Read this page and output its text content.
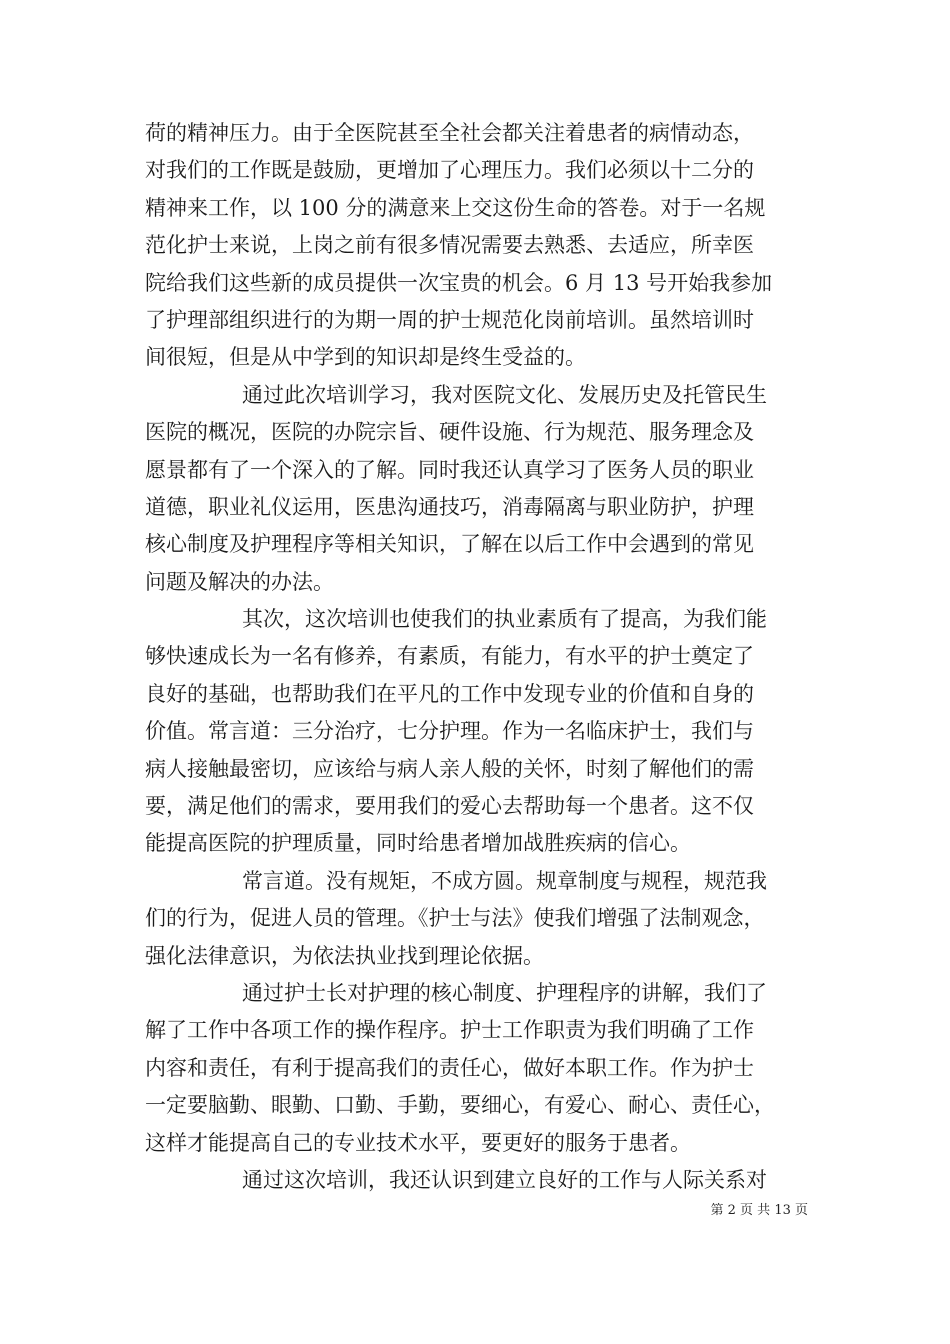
荷的精神压力。由于全医院甚至全社会都关注着患者的病情动态，
对我们的工作既是鼓励，更增加了心理压力。我们必须以十二分的
精神来工作，以 100 分的满意来上交这份生命的答卷。对于一名规
范化护士来说，上岗之前有很多情况需要去熟悉、去适应，所幸医
院给我们这些新的成员提供一次宝贵的机会。6 月 13 号开始我参加
了护理部组织进行的为期一周的护士规范化岗前培训。虽然培训时
间很短，但是从中学到的知识却是终生受益的。
通过此次培训学习，我对医院文化、发展历史及托管民生
医院的概况，医院的办院宗旨、硬件设施、行为规范、服务理念及
愿景都有了一个深入的了解。同时我还认真学习了医务人员的职业
道德，职业礼仪运用，医患沟通技巧，消毒隔离与职业防护，护理
核心制度及护理程序等相关知识，了解在以后工作中会遇到的常见
问题及解决的办法。
其次，这次培训也使我们的执业素质有了提高，为我们能
够快速成长为一名有修养，有素质，有能力，有水平的护士奠定了
良好的基础，也帮助我们在平凡的工作中发现专业的价值和自身的
价值。常言道：三分治疗，七分护理。作为一名临床护士，我们与
病人接触最密切，应该给与病人亲人般的关怀，时刻了解他们的需
要，满足他们的需求，要用我们的爱心去帮助每一个患者。这不仅
能提高医院的护理质量，同时给患者增加战胜疾病的信心。
常言道。没有规矩，不成方圆。规章制度与规程，规范我
们的行为，促进人员的管理。《护士与法》使我们增强了法制观念，
强化法律意识，为依法执业找到理论依据。
通过护士长对护理的核心制度、护理程序的讲解，我们了
解了工作中各项工作的操作程序。护士工作职责为我们明确了工作
内容和责任，有利于提高我们的责任心，做好本职工作。作为护士
一定要脑勤、眼勤、口勤、手勤，要细心，有爱心、耐心、责任心，
这样才能提高自己的专业技术水平，要更好的服务于患者。
通过这次培训，我还认识到建立良好的工作与人际关系对
第 2 页 共 13 页
